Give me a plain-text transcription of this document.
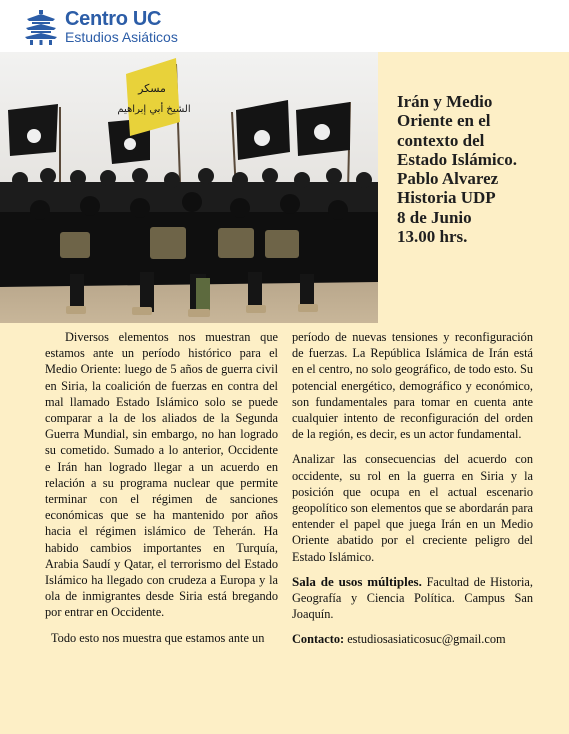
Centro UC
Estudios Asiáticos
مسكر
الشيخ أبي إبراهيم	Irán y Medio
Oriente en el
contexto del
Estado Islámico.
Pablo Alvarez
Historia UDP
8 de Junio
13.00 hrs.

Diversos elementos nos muestran que estamos ante un período histórico para el Medio Oriente: luego de 5 años de guerra civil en Siria, la coalición de fuerzas en contra del mal llamado Estado Islámico solo se puede comparar a la de los aliados de la Segunda Guerra Mundial, sin embargo, no han logrado su cometido. Sumado a lo anterior, Occidente e Irán han logrado llegar a un acuerdo en relación a su programa nuclear que permite terminar con el régimen de sanciones económicas que se ha mantenido por años hacia el régimen islámico de Teherán. Ha habido cambios importantes en Turquía, Arabia Saudí y Qatar, el terrorismo del Estado Islámico ha llegado con crudeza a Europa y la ola de inmigrantes desde Siria está bregando por entrar en Occidente.

Todo esto nos muestra que estamos ante un

período de nuevas tensiones y reconfiguración de fuerzas. La República Islámica de Irán está en el centro, no solo geográfico, de todo esto. Su potencial energético, demográfico y económico, son fundamentales para tomar en cuenta ante cualquier intento de reconfiguración del orden de la región, es decir, es un actor fundamental.

Analizar las consecuencias del acuerdo con occidente, su rol en la guerra en Siria y la posición que ocupa en el actual escenario geopolítico son elementos que se abordarán para entender el papel que juega Irán en un Medio Oriente abatido por el creciente peligro del Estado Islámico.

Sala de usos múltiples. Facultad de Historia, Geografía y Ciencia Política. Campus San Joaquín.

Contacto: estudiosasiaticosuc@gmail.com
